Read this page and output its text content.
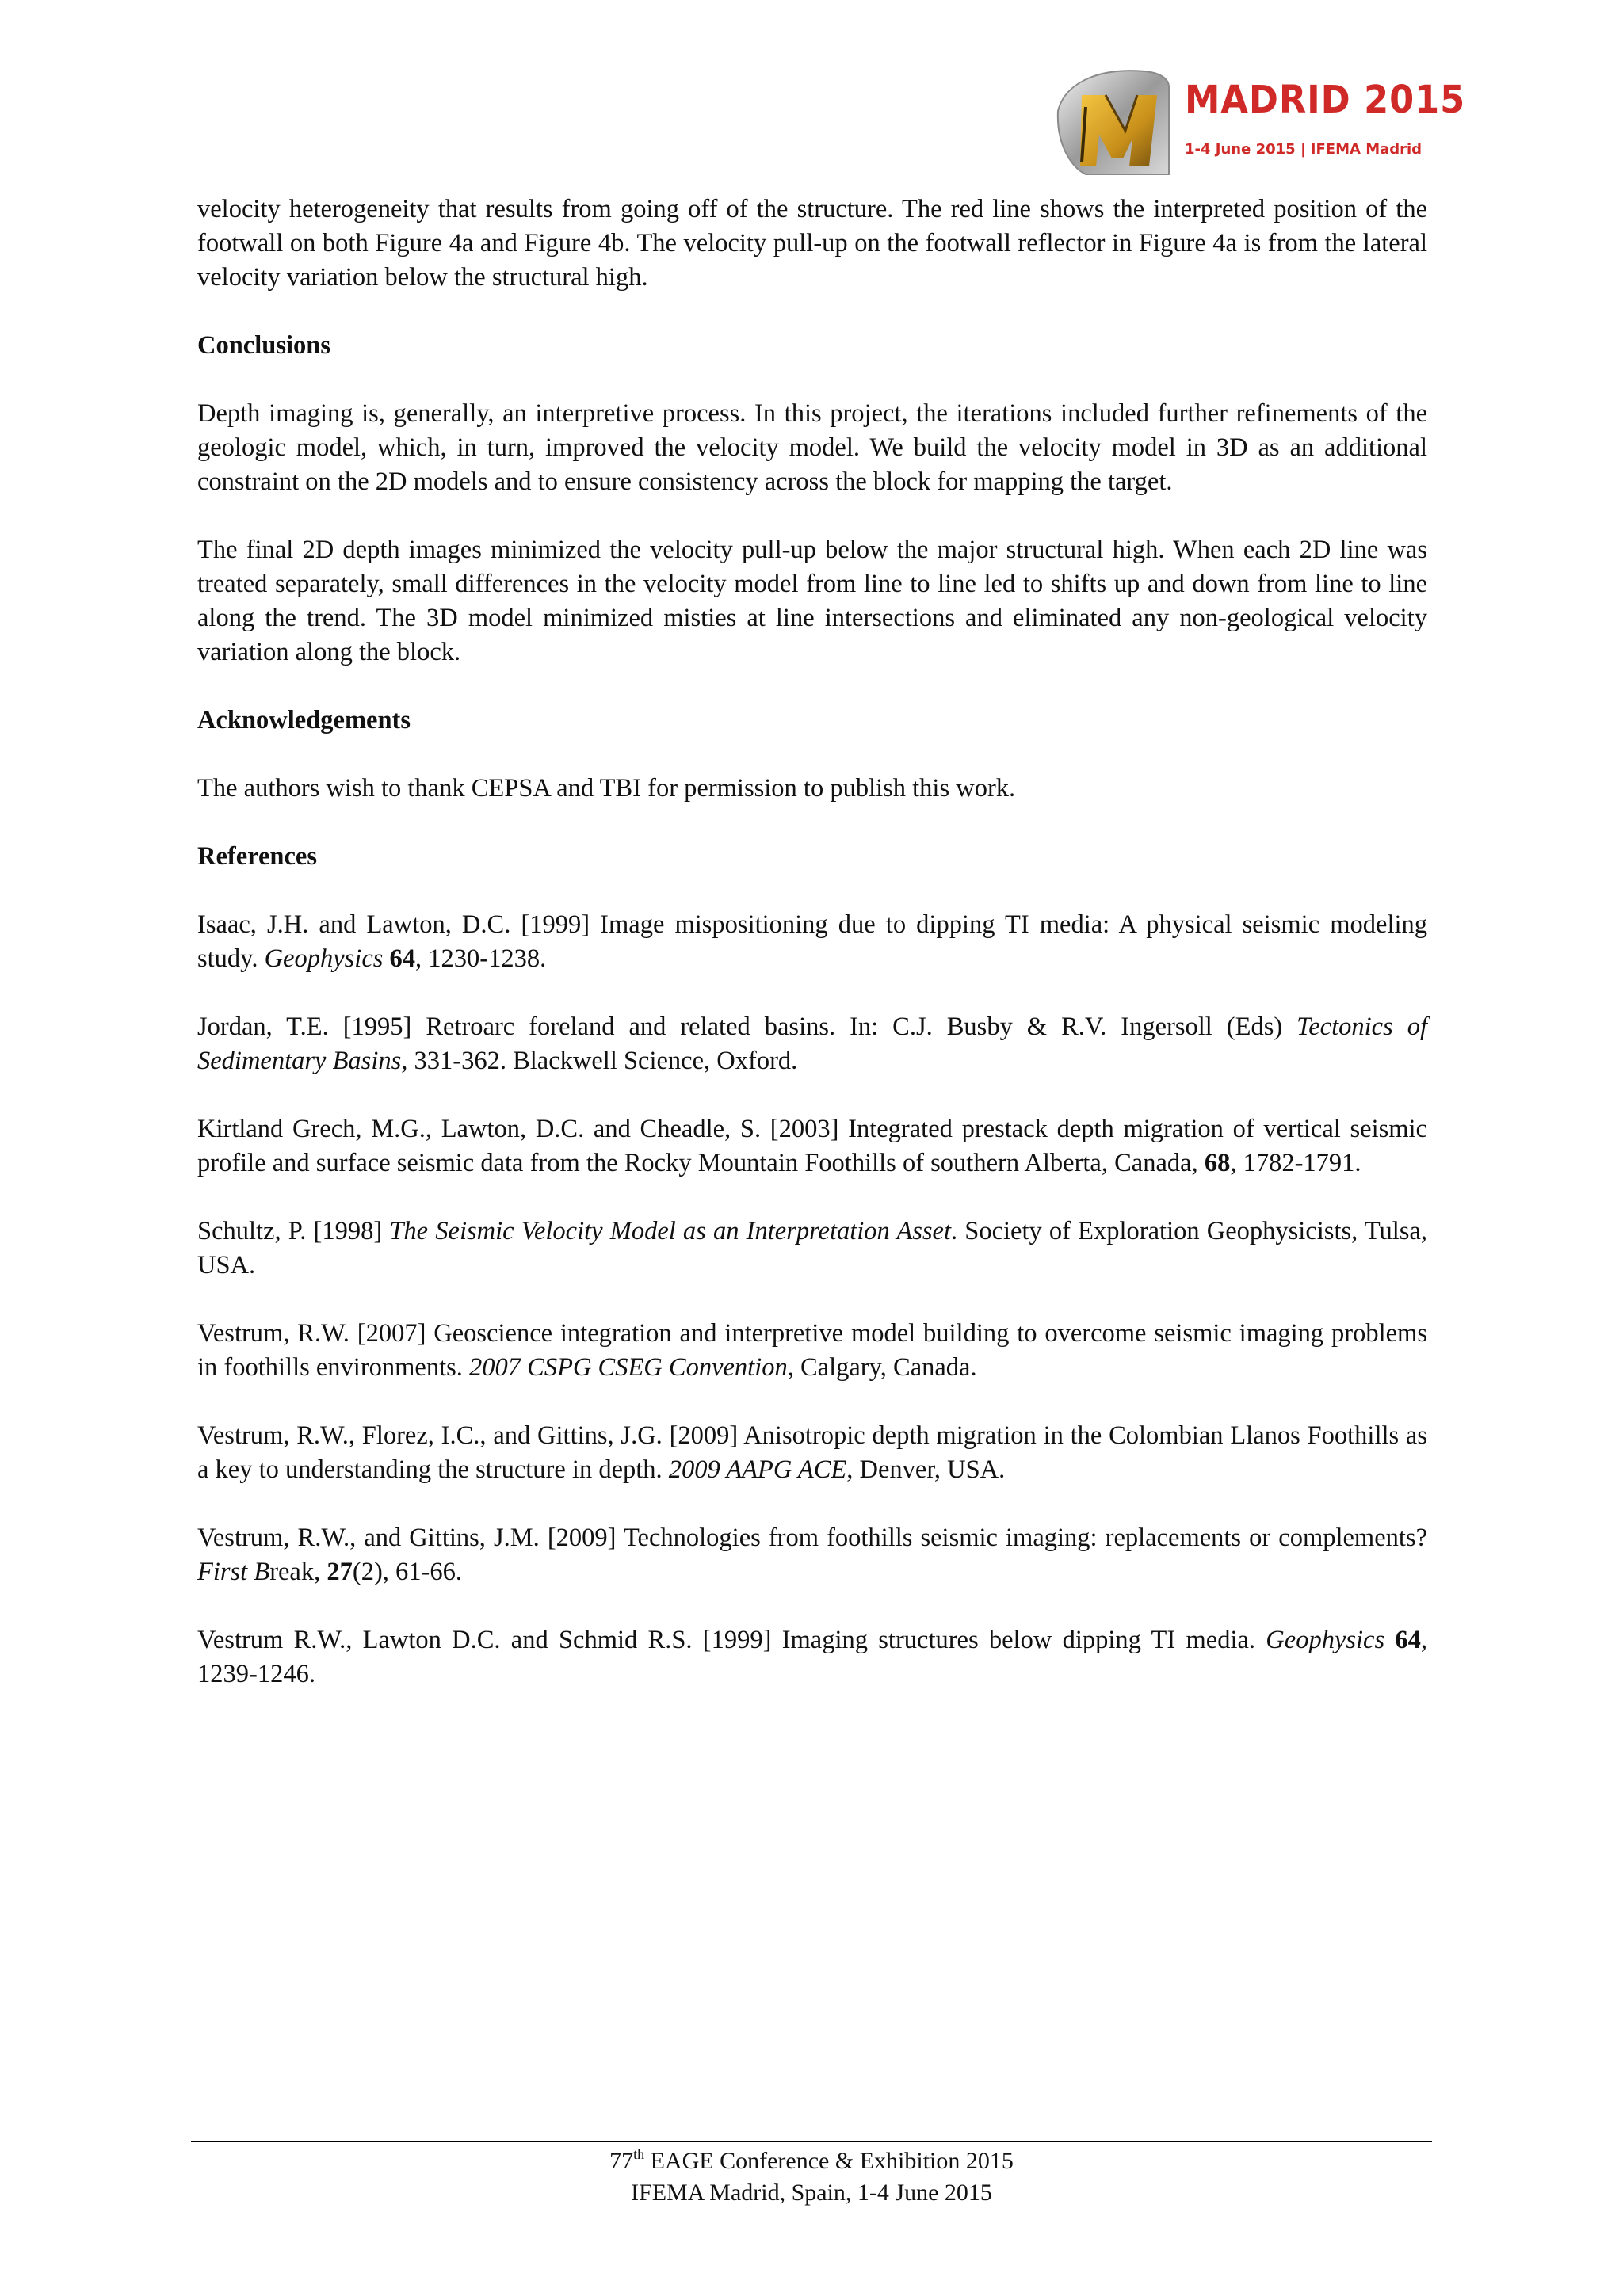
MADRID 2015
1-4 June 2015 | IFEMA Madrid

velocity heterogeneity that results from going off of the structure. The red line shows the interpreted position of the footwall on both Figure 4a and Figure 4b. The velocity pull-up on the footwall reflector in Figure 4a is from the lateral velocity variation below the structural high.

Conclusions

Depth imaging is, generally, an interpretive process. In this project, the iterations included further refinements of the geologic model, which, in turn, improved the velocity model. We build the velocity model in 3D as an additional constraint on the 2D models and to ensure consistency across the block for mapping the target.

The final 2D depth images minimized the velocity pull-up below the major structural high. When each 2D line was treated separately, small differences in the velocity model from line to line led to shifts up and down from line to line along the trend. The 3D model minimized misties at line intersections and eliminated any non-geological velocity variation along the block.

Acknowledgements

The authors wish to thank CEPSA and TBI for permission to publish this work.

References

Isaac, J.H. and Lawton, D.C. [1999] Image mispositioning due to dipping TI media: A physical seismic modeling study. Geophysics 64, 1230-1238.

Jordan, T.E. [1995] Retroarc foreland and related basins. In: C.J. Busby & R.V. Ingersoll (Eds) Tectonics of Sedimentary Basins, 331-362. Blackwell Science, Oxford.

Kirtland Grech, M.G., Lawton, D.C. and Cheadle, S. [2003] Integrated prestack depth migration of vertical seismic profile and surface seismic data from the Rocky Mountain Foothills of southern Alberta, Canada, 68, 1782-1791.

Schultz, P. [1998] The Seismic Velocity Model as an Interpretation Asset. Society of Exploration Geophysicists, Tulsa, USA.

Vestrum, R.W. [2007] Geoscience integration and interpretive model building to overcome seismic imaging problems in foothills environments. 2007 CSPG CSEG Convention, Calgary, Canada.

Vestrum, R.W., Florez, I.C., and Gittins, J.G. [2009] Anisotropic depth migration in the Colombian Llanos Foothills as a key to understanding the structure in depth. 2009 AAPG ACE, Denver, USA.

Vestrum, R.W., and Gittins, J.M. [2009] Technologies from foothills seismic imaging: replacements or complements? First Break, 27(2), 61-66.

Vestrum R.W., Lawton D.C. and Schmid R.S. [1999] Imaging structures below dipping TI media. Geophysics 64, 1239-1246.

77th EAGE Conference & Exhibition 2015
IFEMA Madrid, Spain, 1-4 June 2015
